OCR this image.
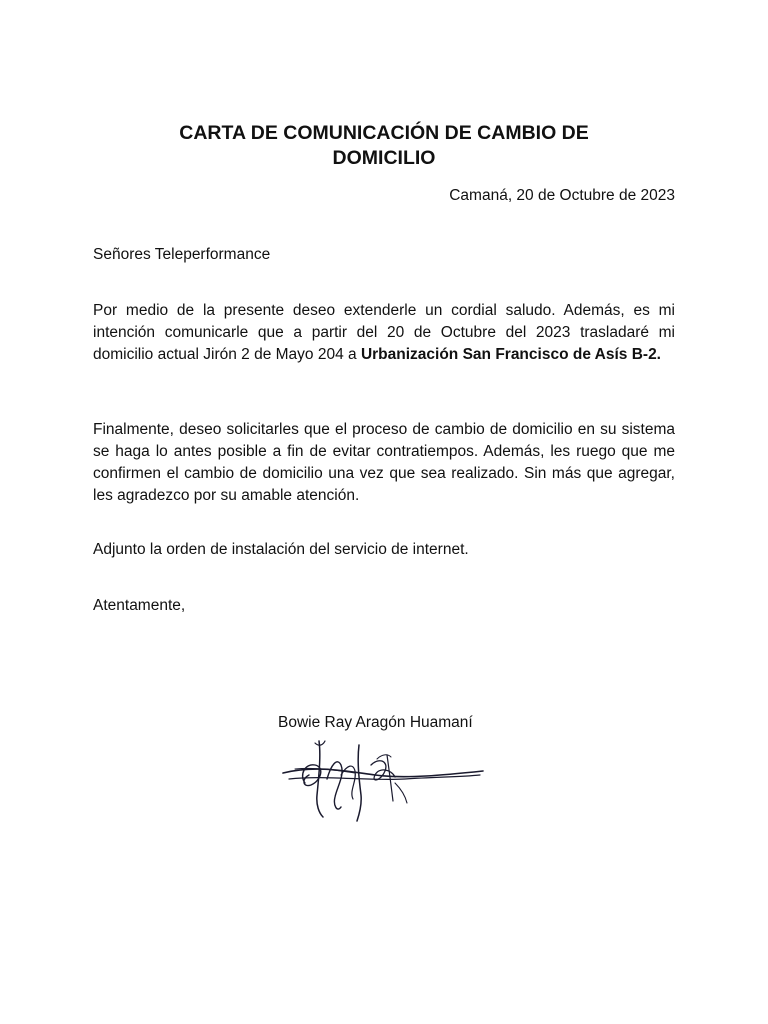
CARTA DE COMUNICACIÓN DE CAMBIO DE
DOMICILIO
Camaná, 20 de Octubre de 2023
Señores Teleperformance

Por medio de la presente deseo extenderle un cordial saludo. Además, es mi intención comunicarle que a partir del 20 de Octubre del 2023 trasladaré mi domicilio actual Jirón 2 de Mayo 204 a Urbanización San Francisco de Asís B-2.

Finalmente, deseo solicitarles que el proceso de cambio de domicilio en su sistema se haga lo antes posible a fin de evitar contratiempos. Además, les ruego que me confirmen el cambio de domicilio una vez que sea realizado. Sin más que agregar, les agradezco por su amable atención.

Adjunto la orden de instalación del servicio de internet.

Atentamente,
Bowie Ray Aragón Huamaní
